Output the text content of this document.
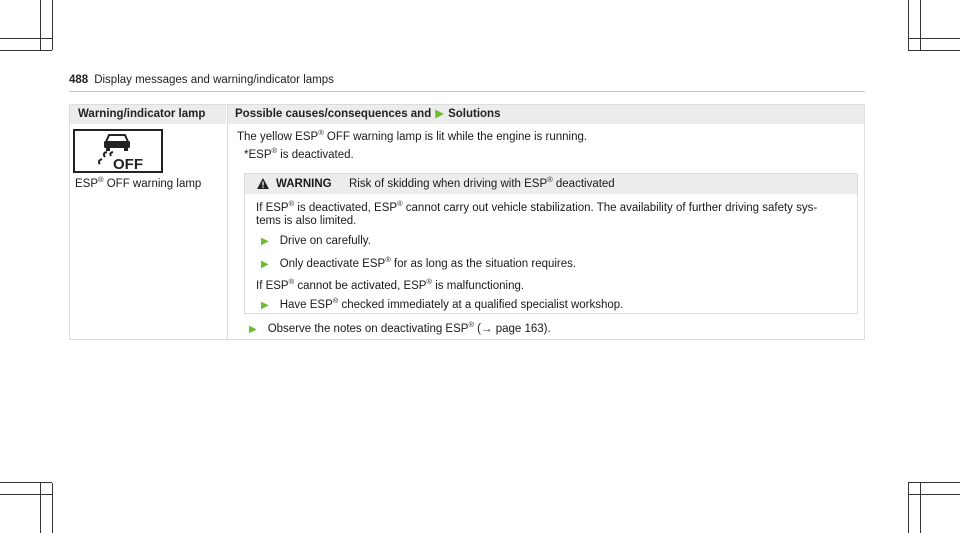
488 Display messages and warning/indicator lamps
Warning/indicator lamp	Possible causes/consequences and ▶ Solutions
OFF
ESP® OFF warning lamp
The yellow ESP® OFF warning lamp is lit while the engine is running.
*ESP® is deactivated.
WARNING Risk of skidding when driving with ESP® deactivated
If ESP® is deactivated, ESP® cannot carry out vehicle stabilization. The availability of further driving safety sys-
tems is also limited.
▶ Drive on carefully.
▶ Only deactivate ESP® for as long as the situation requires.
If ESP® cannot be activated, ESP® is malfunctioning.
▶ Have ESP® checked immediately at a qualified specialist workshop.
▶ Observe the notes on deactivating ESP® (→ page 163).
